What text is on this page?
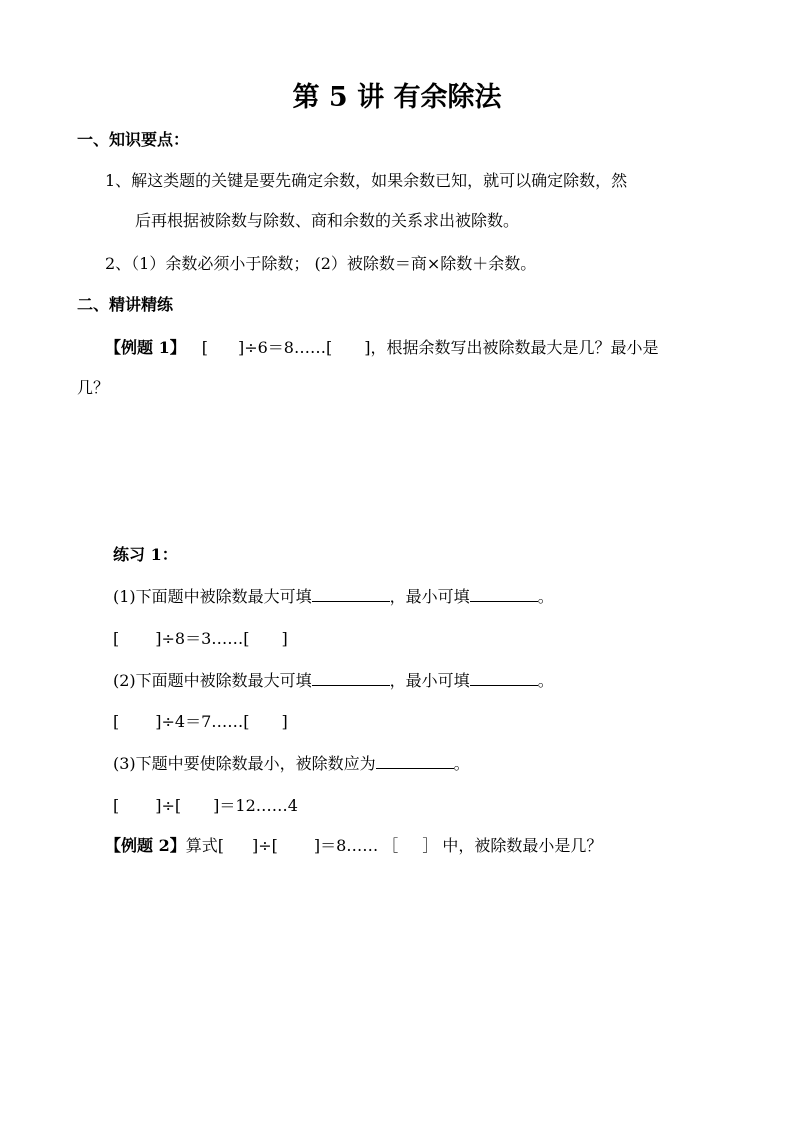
第 5 讲 有余除法
一、知识要点：
1、解这类题的关键是要先确定余数，如果余数已知，就可以确定除数，然
后再根据被除数与除数、商和余数的关系求出被除数。
2、（1）余数必须小于除数； (2）被除数＝商×除数＋余数。
二、精讲精练
【例题 1】 [ ]÷6＝8……[ ]，根据余数写出被除数最大是几？最小是
几？
练习 1：
(1)下面题中被除数最大可填	，最小可填	。
[ ]÷8＝3……[ ]
(2)下面题中被除数最大可填	，最小可填	。
[ ]÷4＝7……[ ]
(3)下题中要使除数最小，被除数应为	。
[ ]÷[ ]＝12……4
【例题 2】算式[ ]÷[ ]＝8…… ［ ］ 中，被除数最小是几？
